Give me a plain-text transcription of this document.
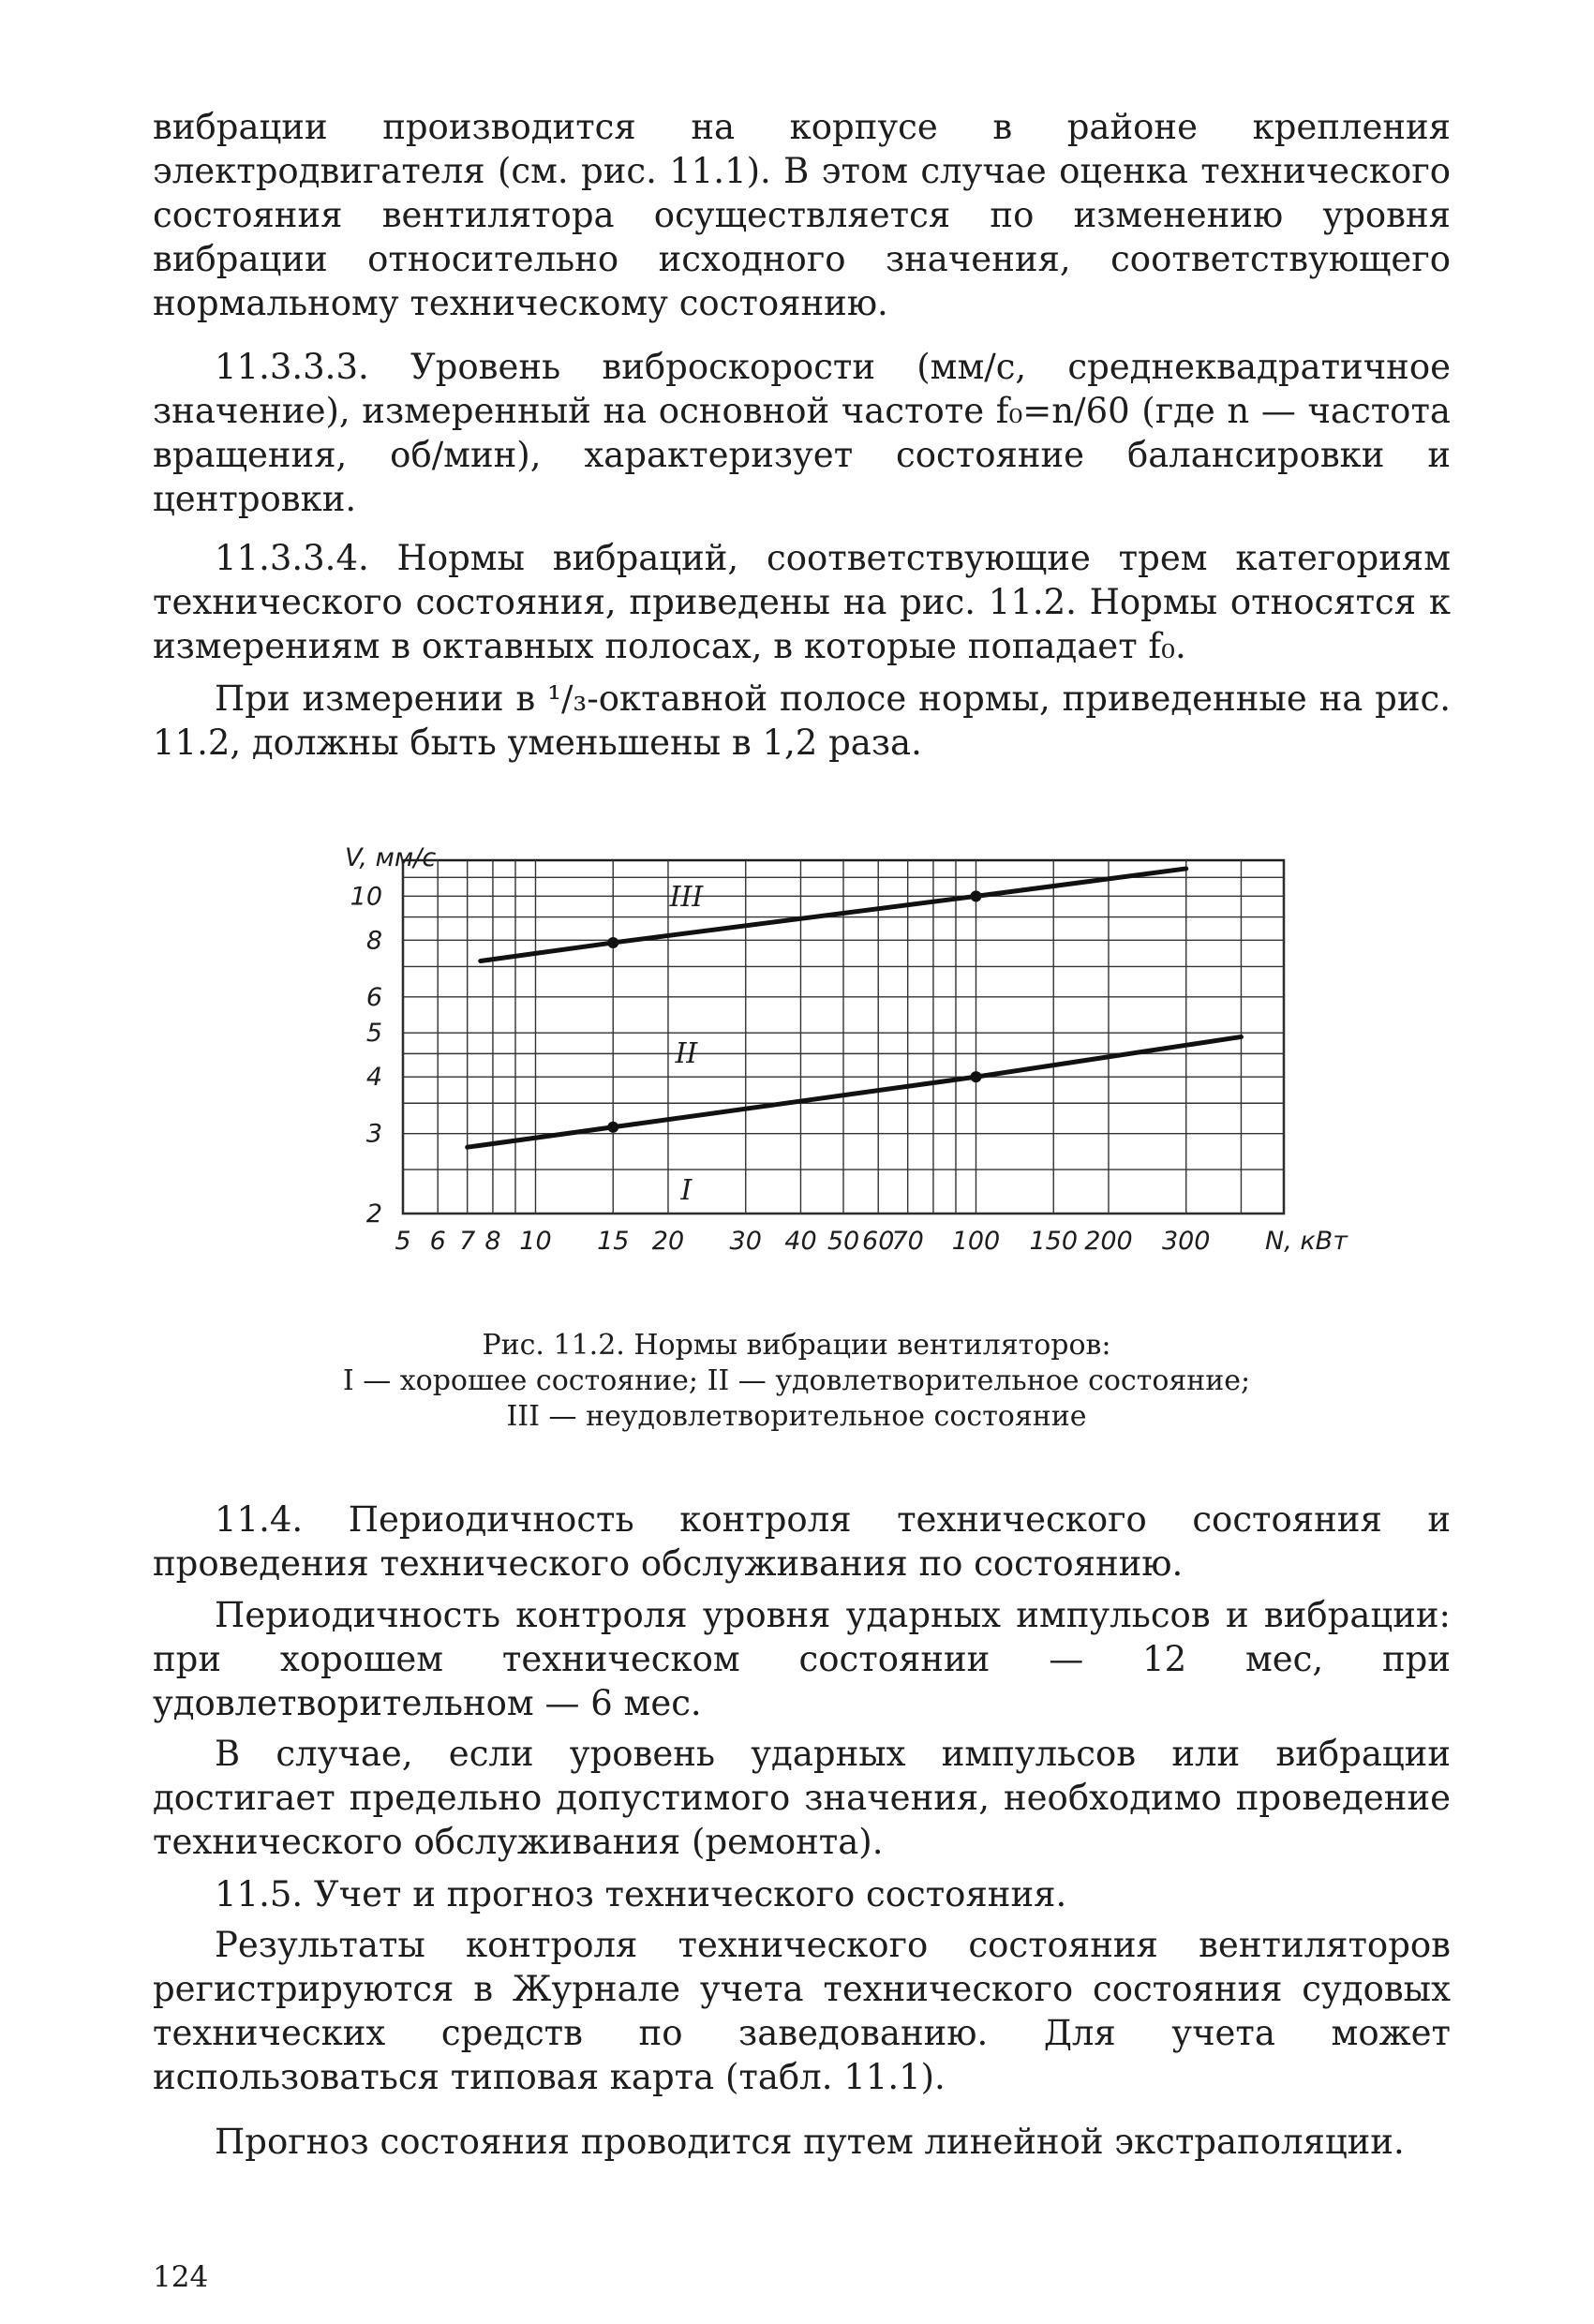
вибрации производится на корпусе в районе крепления электродвигателя (см. рис. 11.1). В этом случае оценка технического состояния вентилятора осуществляется по изменению уровня вибрации относительно исходного значения, соответствующего нормальному техническому состоянию.

11.3.3.3. Уровень виброскорости (мм/с, среднеквадратичное значение), измеренный на основной частоте f₀=n/60 (где n — частота вращения, об/мин), характеризует состояние балансировки и центровки.

11.3.3.4. Нормы вибраций, соответствующие трем категориям технического состояния, приведены на рис. 11.2. Нормы относятся к измерениям в октавных полосах, в которые попадает f₀.

При измерении в ¹/₃-октавной полосе нормы, приведенные на рис. 11.2, должны быть уменьшены в 1,2 раза.

5 6 7 8 10 15 20 30 40 50 60
70 100 150 200 300 N, кВт
2
3
4
5
6
8
10
V, мм/с
I
II
III

Рис. 11.2. Нормы вибрации вентиляторов:

I — хорошее состояние; II — удовлетворительное состояние;

III — неудовлетворительное состояние

11.4. Периодичность контроля технического состояния и проведения технического обслуживания по состоянию.

Периодичность контроля уровня ударных импульсов и вибрации: при хорошем техническом состоянии — 12 мес, при удовлетворительном — 6 мес.

В случае, если уровень ударных импульсов или вибрации достигает предельно допустимого значения, необходимо проведение технического обслуживания (ремонта).

11.5. Учет и прогноз технического состояния.

Результаты контроля технического состояния вентиляторов регистрируются в Журнале учета технического состояния судовых технических средств по заведованию. Для учета может использоваться типовая карта (табл. 11.1).

Прогноз состояния проводится путем линейной экстраполяции.

124
